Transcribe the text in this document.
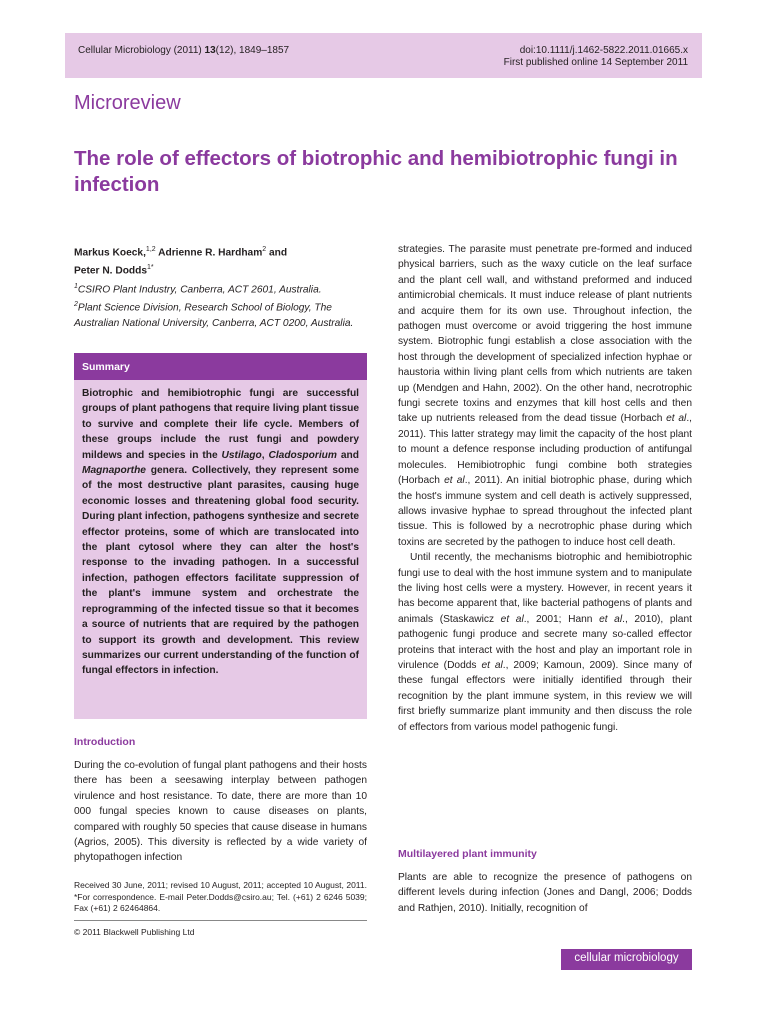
Cellular Microbiology (2011) 13(12), 1849–1857	doi:10.1111/j.1462-5822.2011.01665.x
First published online 14 September 2011
Microreview
The role of effectors of biotrophic and hemibiotrophic fungi in infection
Markus Koeck,$^{1,2}$ Adrienne R. Hardham$^2$ and
Peter N. Dodds$^{1*}$
$^1$CSIRO Plant Industry, Canberra, ACT 2601, Australia.
$^2$Plant Science Division, Research School of Biology, The Australian National University, Canberra, ACT 0200, Australia.
Summary
Biotrophic and hemibiotrophic fungi are successful groups of plant pathogens that require living plant tissue to survive and complete their life cycle. Members of these groups include the rust fungi and powdery mildews and species in the Ustilago, Cladosporium and Magnaporthe genera. Collectively, they represent some of the most destructive plant parasites, causing huge economic losses and threatening global food security. During plant infection, pathogens synthesize and secrete effector proteins, some of which are translocated into the plant cytosol where they can alter the host's response to the invading pathogen. In a successful infection, pathogen effectors facilitate suppression of the plant's immune system and orchestrate the reprogramming of the infected tissue so that it becomes a source of nutrients that are required by the pathogen to support its growth and development. This review summarizes our current understanding of the function of fungal effectors in infection.
Introduction

During the co-evolution of fungal plant pathogens and their hosts there has been a seesawing interplay between pathogen virulence and host resistance. To date, there are more than 10 000 fungal species known to cause diseases on plants, compared with roughly 50 species that cause disease in humans (Agrios, 2005). This diversity is reflected by a wide variety of phytopathogen infection

Received 30 June, 2011; revised 10 August, 2011; accepted 10 August, 2011. *For correspondence. E-mail Peter.Dodds@csiro.au; Tel. (+61) 2 6246 5039; Fax (+61) 2 62464864.

© 2011 Blackwell Publishing Ltd

strategies. The parasite must penetrate pre-formed and induced physical barriers, such as the waxy cuticle on the leaf surface and the plant cell wall, and withstand preformed and induced antimicrobial chemicals. It must induce release of plant nutrients and acquire them for its own use. Throughout infection, the pathogen must overcome or avoid triggering the host immune system. Biotrophic fungi establish a close association with the host through the development of specialized infection hyphae or haustoria within living plant cells from which nutrients are taken up (Mendgen and Hahn, 2002). On the other hand, necrotrophic fungi secrete toxins and enzymes that kill host cells and then take up nutrients released from the dead tissue (Horbach et al., 2011). This latter strategy may limit the capacity of the host plant to mount a defence response including production of antifungal molecules. Hemibiotrophic fungi combine both strategies (Horbach et al., 2011). An initial biotrophic phase, during which the host's immune system and cell death is actively suppressed, allows invasive hyphae to spread throughout the infected plant tissue. This is followed by a necrotrophic phase during which toxins are secreted by the pathogen to induce host cell death.

Until recently, the mechanisms biotrophic and hemibiotrophic fungi use to deal with the host immune system and to manipulate the living host cells were a mystery. However, in recent years it has become apparent that, like bacterial pathogens of plants and animals (Staskawicz et al., 2001; Hann et al., 2010), plant pathogenic fungi produce and secrete many so-called effector proteins that interact with the host and play an important role in virulence (Dodds et al., 2009; Kamoun, 2009). Since many of these fungal effectors were initially identified through their recognition by the plant immune system, in this review we will first briefly summarize plant immunity and then discuss the role of effectors from various model pathogenic fungi.

Multilayered plant immunity

Plants are able to recognize the presence of pathogens on different levels during infection (Jones and Dangl, 2006; Dodds and Rathjen, 2010). Initially, recognition of

cellular microbiology
